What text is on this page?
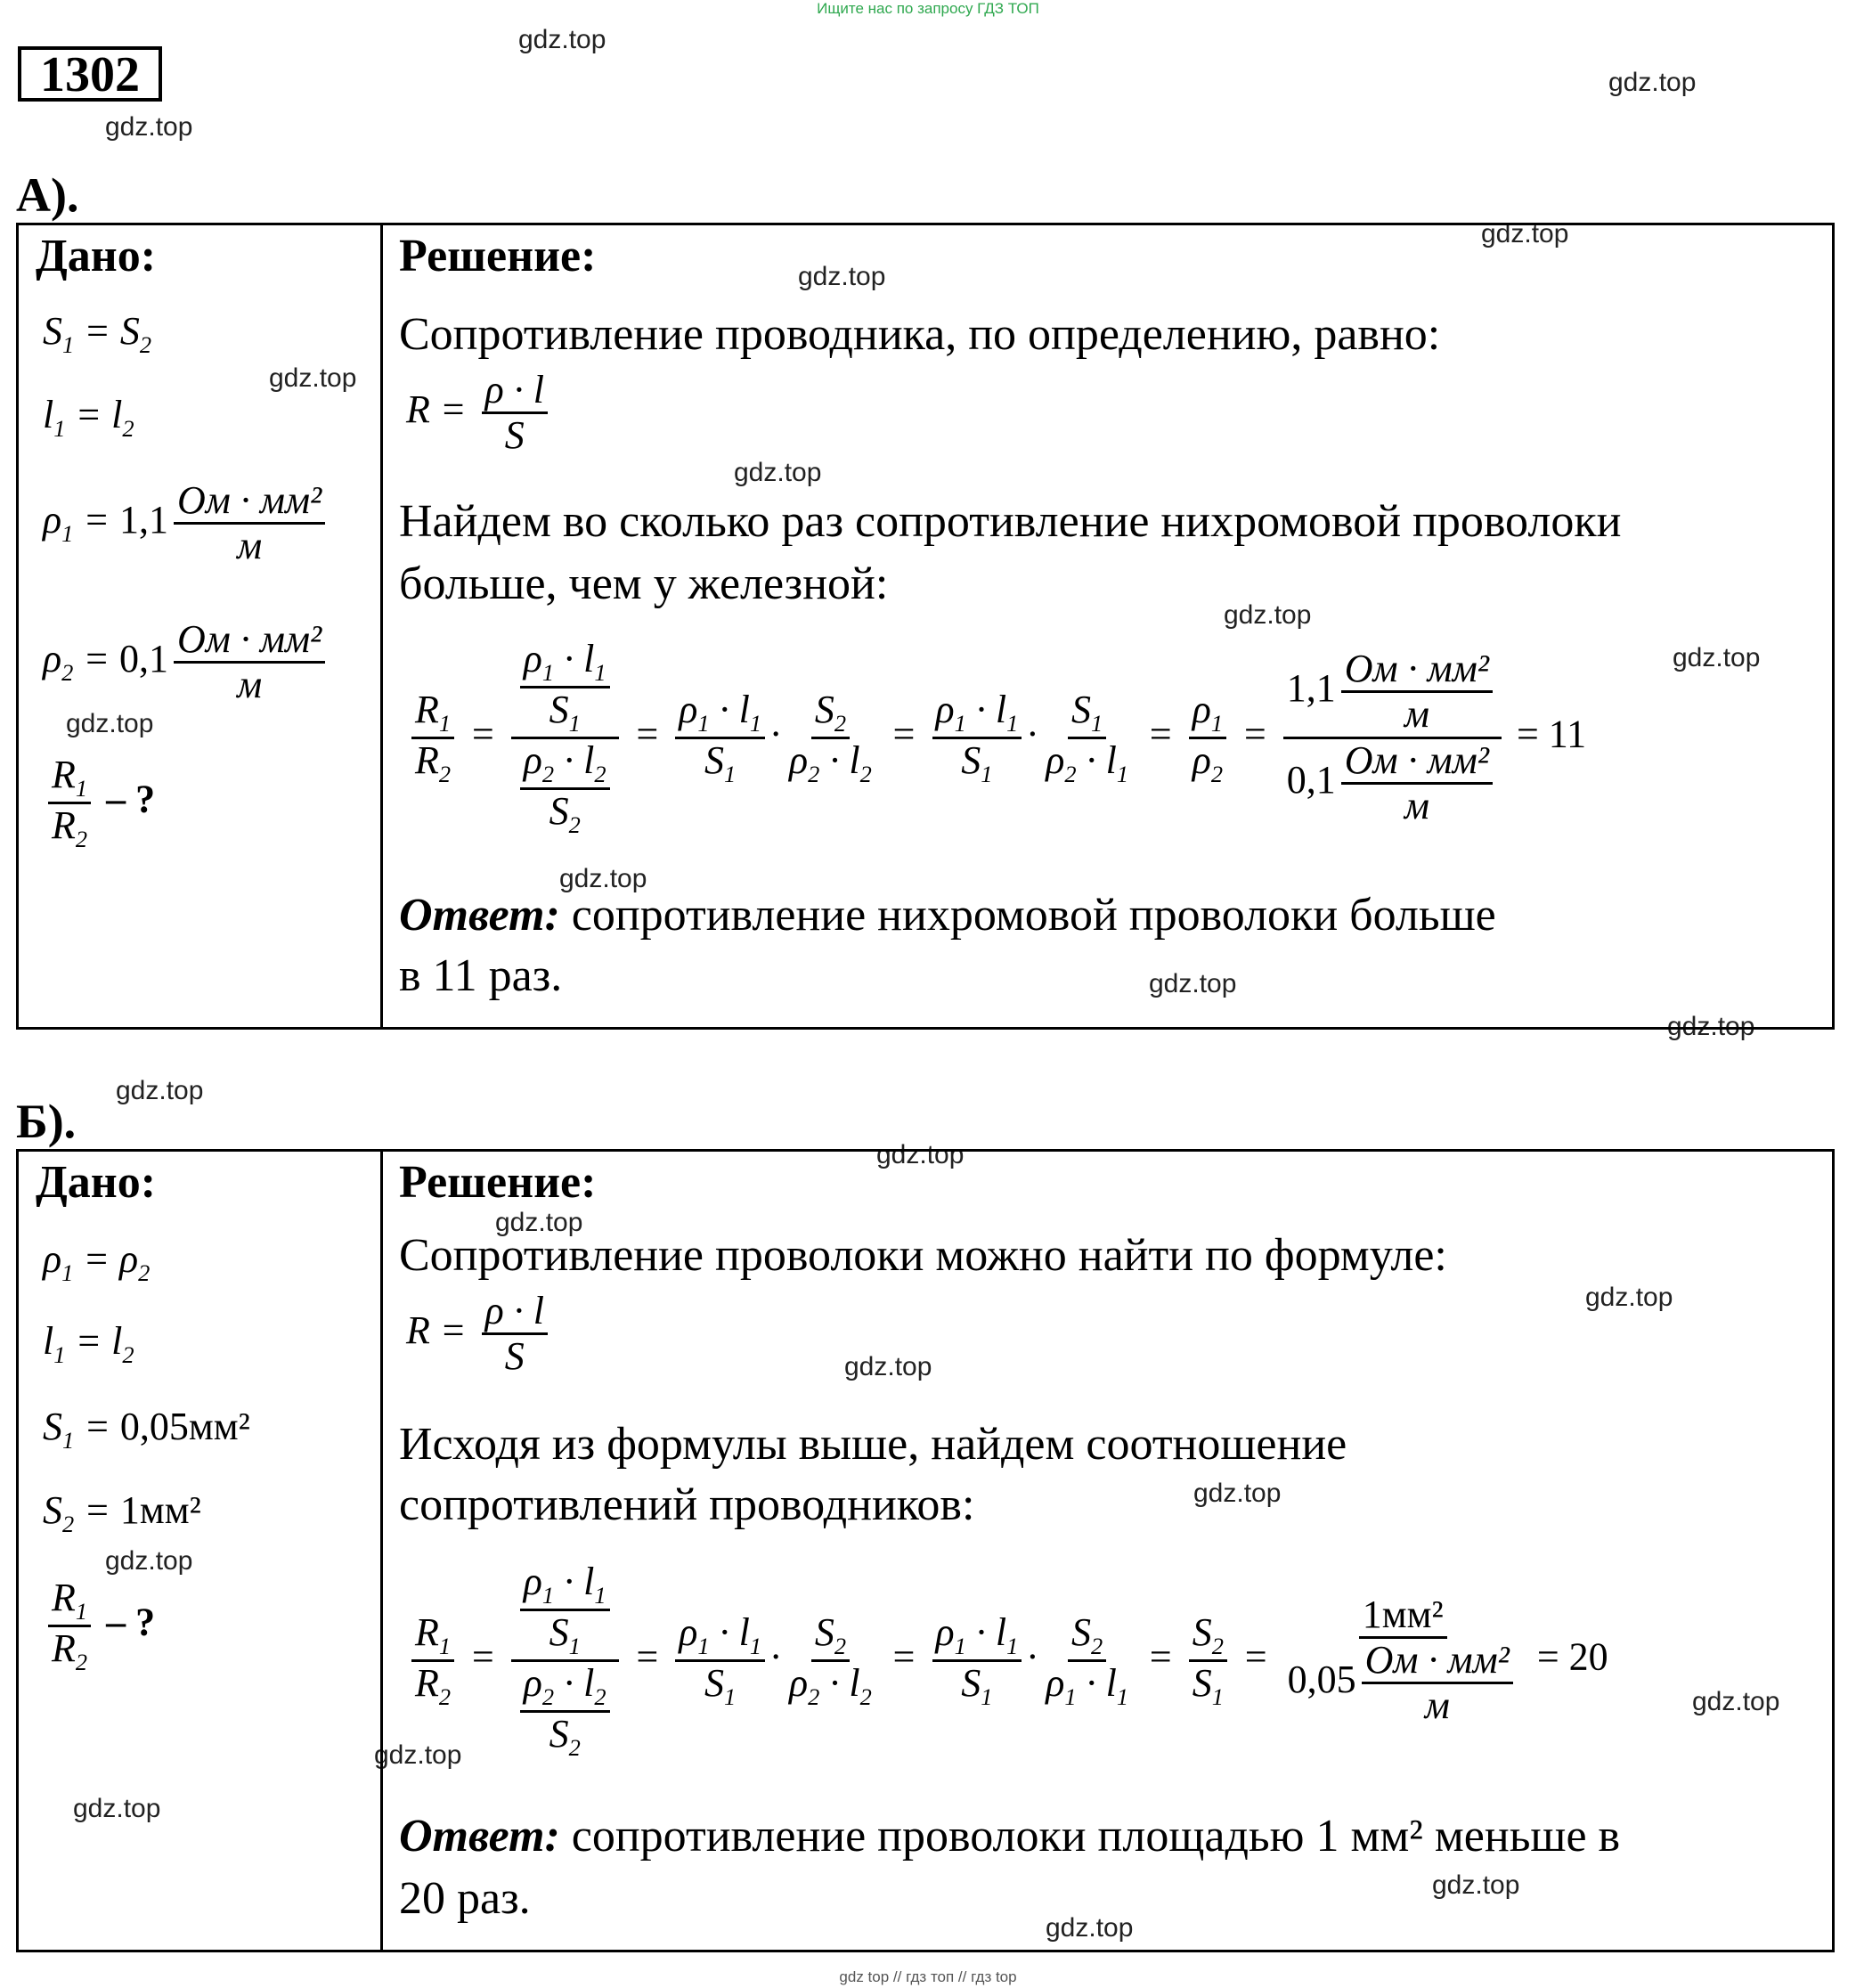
Ищите нас по запросу ГДЗ ТОП
1302
gdz.top
gdz.top
gdz.top
gdz.top
gdz.top
gdz.top
gdz.top
gdz.top
gdz.top
gdz.top
gdz.top
gdz.top
gdz.top
gdz.top
gdz.top
gdz.top
gdz.top
gdz.top
gdz.top
gdz.top
gdz.top
gdz.top
gdz.top
gdz.top
gdz.top
А).
Дано:	Решение:
$S_1 = S_2$
$l_1 = l_2$
$\rho_1 = 1,1 \frac{\text{Ом · мм²}}{м}$
$\rho_2 = 0,1 \frac{\text{Ом · мм²}}{м}$
$\frac{R_1}{R_2}$ – ?
Сопротивление проводника, по определению, равно:
$R = \frac{\rho \cdot l}{S}$
Найдем во сколько раз сопротивление нихромовой проволоки
больше, чем у железной:
$\frac{R_1}{R_2} = \frac{\frac{\rho_1 \cdot l_1}{S_1}}{\frac{\rho_2 \cdot l_2}{S_2}} = \frac{\rho_1 \cdot l_1}{S_1} \cdot \frac{S_2}{\rho_2 \cdot l_2} = \frac{\rho_1 \cdot l_1}{S_1} \cdot \frac{S_1}{\rho_2 \cdot l_1} = \frac{\rho_1}{\rho_2} = \frac{1,1 \frac{\text{Ом · мм²}}{м}}{0,1 \frac{\text{Ом · мм²}}{м}} = 11$
Ответ: сопротивление нихромовой проволоки больше
в 11 раз.
Б).
Дано:	Решение:
$\rho_1 = \rho_2$
$l_1 = l_2$
$S_1 = 0,05мм^2$
$S_2 = 1мм^2$
$\frac{R_1}{R_2}$ – ?
Сопротивление проволоки можно найти по формуле:
$R = \frac{\rho \cdot l}{S}$
Исходя из формулы выше, найдем соотношение
сопротивлений проводников:
$\frac{R_1}{R_2} = \frac{\frac{\rho_1 \cdot l_1}{S_1}}{\frac{\rho_2 \cdot l_2}{S_2}} = \frac{\rho_1 \cdot l_1}{S_1} \cdot \frac{S_2}{\rho_2 \cdot l_2} = \frac{\rho_1 \cdot l_1}{S_1} \cdot \frac{S_2}{\rho_1 \cdot l_1} = \frac{S_2}{S_1} = \frac{\text{1мм²}}{0,05 \frac{\text{Ом · мм²}}{м}} = 20$
Ответ: сопротивление проволоки площадью 1 мм² меньше в
20 раз.
gdz top // гдз топ // гдз top
